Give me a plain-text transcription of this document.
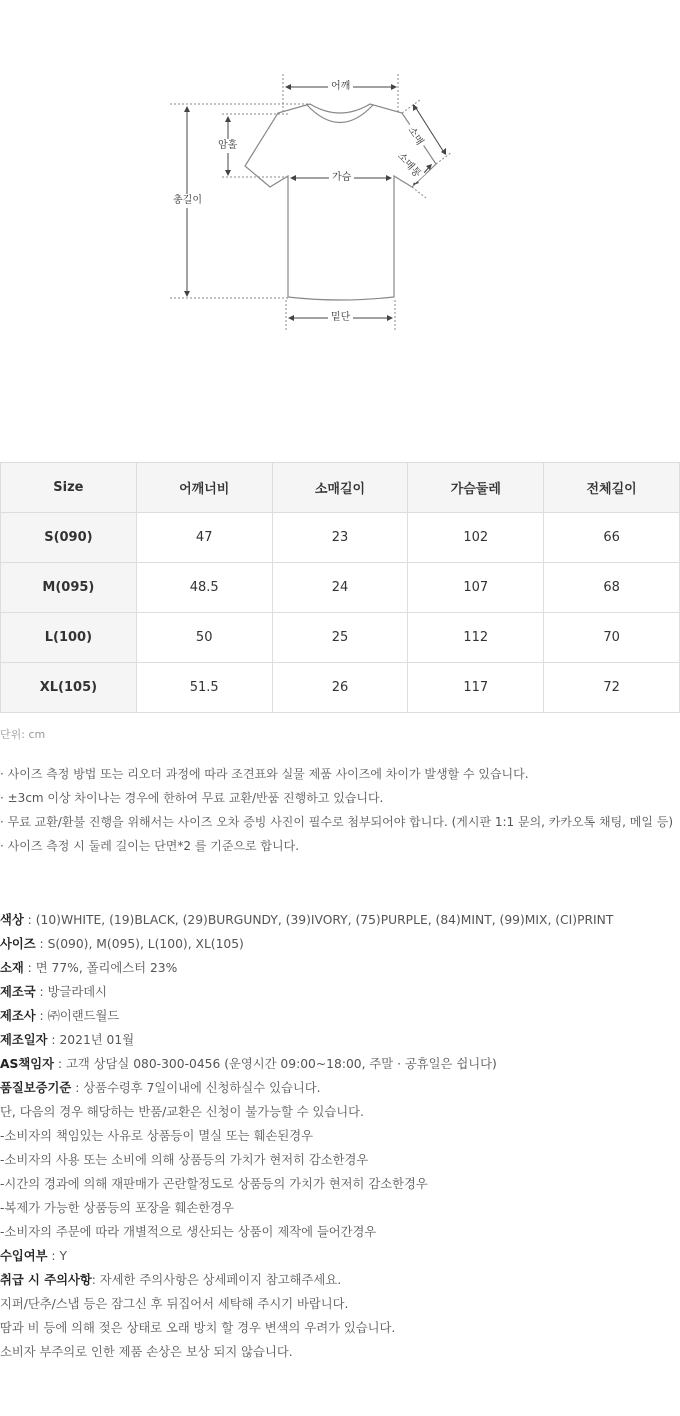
어깨
암홀
총길이
가슴
밑단
소매
소매통
Size	어깨너비	소매길이	가슴둘레	전체길이
S(090)	47	23	102	66
M(095)	48.5	24	107	68
L(100)	50	25	112	70
XL(105)	51.5	26	117	72
단위: cm
· 사이즈 측정 방법 또는 리오더 과정에 따라 조견표와 실물 제품 사이즈에 차이가 발생할 수 있습니다.
· ±3cm 이상 차이나는 경우에 한하여 무료 교환/반품 진행하고 있습니다.
· 무료 교환/환불 진행을 위해서는 사이즈 오차 증빙 사진이 필수로 첨부되어야 합니다. (게시판 1:1 문의, 카카오톡 채팅, 메일 등)
· 사이즈 측정 시 둘레 길이는 단면*2 를 기준으로 합니다.
색상 : (10)WHITE, (19)BLACK, (29)BURGUNDY, (39)IVORY, (75)PURPLE, (84)MINT, (99)MIX, (CI)PRINT
사이즈 : S(090), M(095), L(100), XL(105)
소재 : 면 77%, 폴리에스터 23%
제조국 : 방글라데시
제조사 : ㈜이랜드월드
제조일자 : 2021년 01월
AS책임자 : 고객 상담실 080-300-0456 (운영시간 09:00~18:00, 주말 · 공휴일은 쉽니다)
품질보증기준 : 상품수령후 7일이내에 신청하실수 있습니다.
단, 다음의 경우 해당하는 반품/교환은 신청이 불가능할 수 있습니다.
-소비자의 책임있는 사유로 상품등이 멸실 또는 훼손된경우
-소비자의 사용 또는 소비에 의해 상품등의 가치가 현저히 감소한경우
-시간의 경과에 의해 재판매가 곤란할정도로 상품등의 가치가 현저히 감소한경우
-복제가 가능한 상품등의 포장을 훼손한경우
-소비자의 주문에 따라 개별적으로 생산되는 상품이 제작에 들어간경우
수입여부 : Y
취급 시 주의사항: 자세한 주의사항은 상세페이지 참고해주세요.
지퍼/단추/스냅 등은 잠그신 후 뒤집어서 세탁해 주시기 바랍니다.
땀과 비 등에 의해 젖은 상태로 오래 방치 할 경우 변색의 우려가 있습니다.
소비자 부주의로 인한 제품 손상은 보상 되지 않습니다.
